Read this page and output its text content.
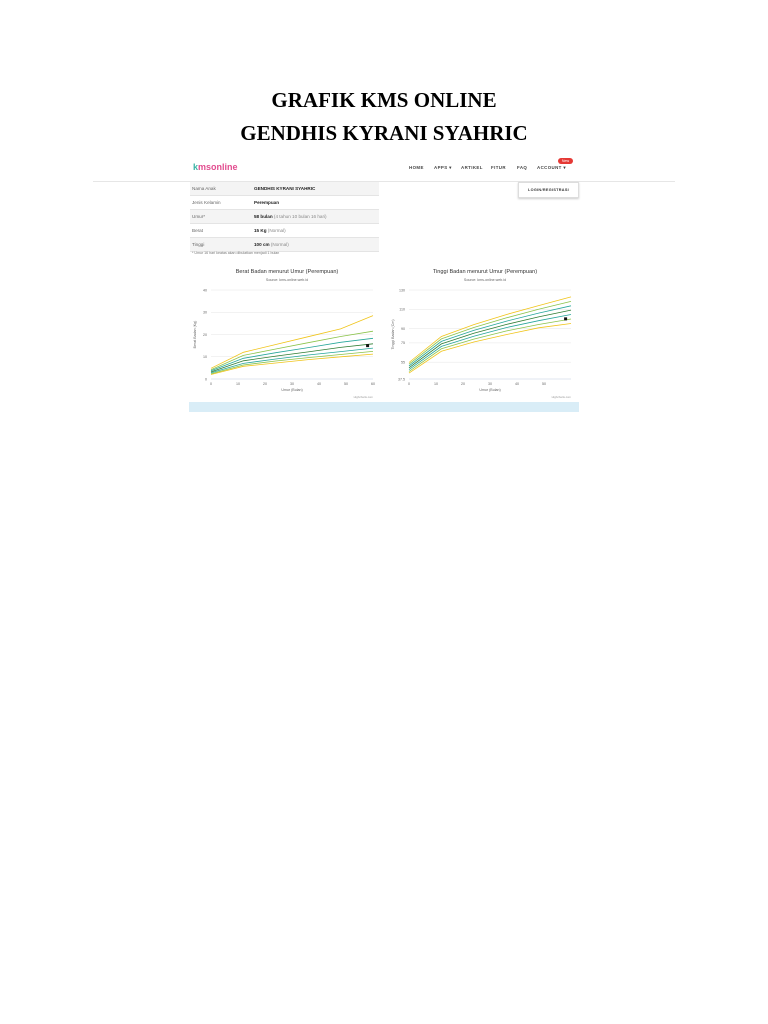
GRAFIK KMS ONLINE
GENDHIS KYRANI SYAHRIC
kmsonline	HOME APPS ▾ ARTIKEL FITUR	FAQ ACCOUNT ▾
New
LOGIN/REGISTRASI
Nama Anak	GENDHIS KYRANI SYAHRIC
Jenis Kelamin	Perempuan
Umur*	58 bulan (4 tahun 10 bulan 16 hari)
Berat	15 Kg (Normal)
Tinggi	100 cm (Normal)
* Umur 16 hari keatas akan dibulatkan menjadi 1 bulan
Berat Badan menurut Umur (Perempuan)
Source: kms-online.web.id
0
10
20
30
40
0	10	20	30	40	50	60
Berat Badan (Kg)
Umur (Bulan)
Highcharts.com
Tinggi Badan menurut Umur (Perempuan)
Source: kms-online.web.id
37.5
55
75
90
110
130
0	10	20	30	40	50
Tinggi Badan (Cm)
Umur (Bulan)
Highcharts.com
